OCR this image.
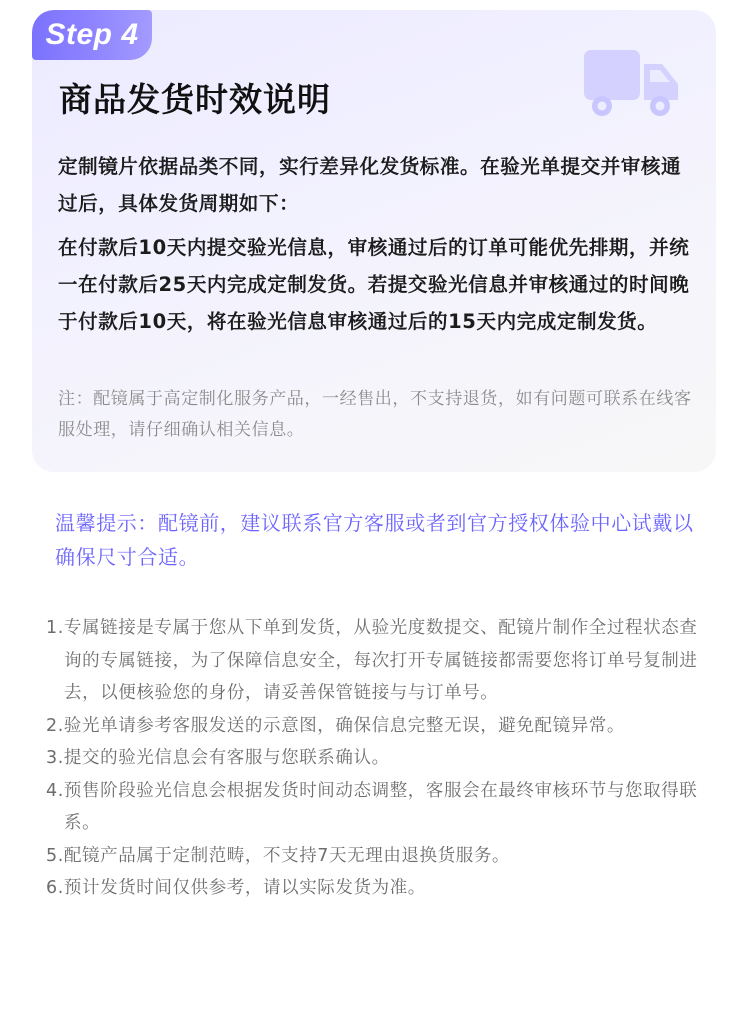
Step 4
商品发货时效说明
定制镜片依据品类不同，实行差异化发货标准。在验光单提交并审核通过后，具体发货周期如下：
在付款后10天内提交验光信息，审核通过后的订单可能优先排期，并统一在付款后25天内完成定制发货。若提交验光信息并审核通过的时间晚于付款后10天，将在验光信息审核通过后的15天内完成定制发货。
注：配镜属于高定制化服务产品，一经售出，不支持退货，如有问题可联系在线客服处理，请仔细确认相关信息。
温馨提示：配镜前，建议联系官方客服或者到官方授权体验中心试戴以确保尺寸合适。
1.专属链接是专属于您从下单到发货，从验光度数提交、配镜片制作全过程状态查询的专属链接，为了保障信息安全，每次打开专属链接都需要您将订单号复制进去，以便核验您的身份，请妥善保管链接与与订单号。
2.验光单请参考客服发送的示意图，确保信息完整无误，避免配镜异常。
3.提交的验光信息会有客服与您联系确认。
4.预售阶段验光信息会根据发货时间动态调整，客服会在最终审核环节与您取得联系。
5.配镜产品属于定制范畴，不支持7天无理由退换货服务。
6.预计发货时间仅供参考，请以实际发货为准。
